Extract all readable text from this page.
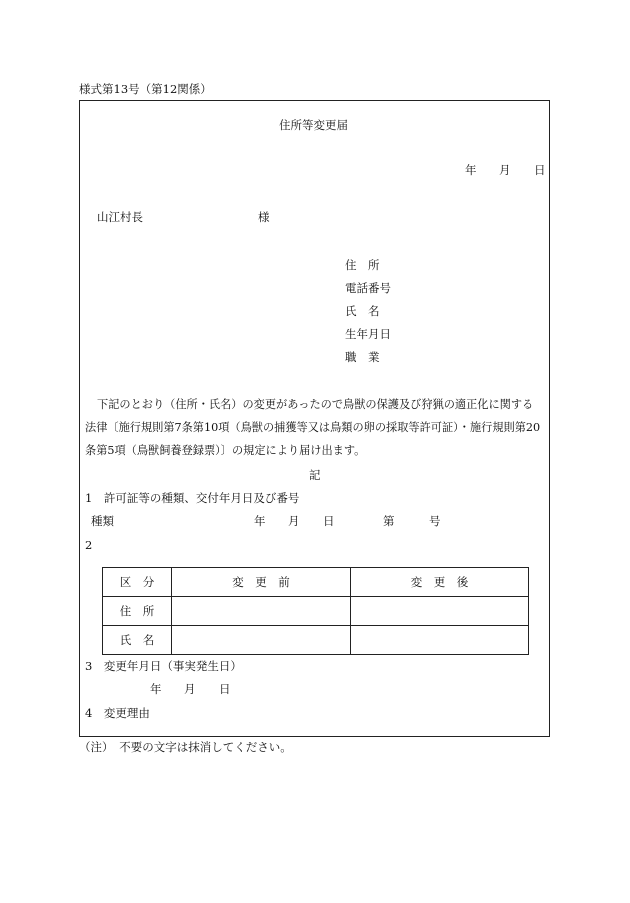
様式第13号（第12関係）
住所等変更届
年 月 日
山江村長	様
住　所
電話番号
氏　名
生年月日
職　業
下記のとおり（住所・氏名）の変更があったので鳥獣の保護及び狩猟の適正化に関する
法律〔施行規則第7条第10項（鳥獣の捕獲等又は鳥類の卵の採取等許可証）・施行規則第20
条第5項（鳥獣飼養登録票）〕の規定により届け出ます。
記
1　許可証等の種類、交付年月日及び番号
種類	年 月 日	第	号
2
区　分	変　更　前	変　更　後
住　所		
氏　名		
3　変更年月日（事実発生日）
年 月 日
4　変更理由
（注）　不要の文字は抹消してください。
